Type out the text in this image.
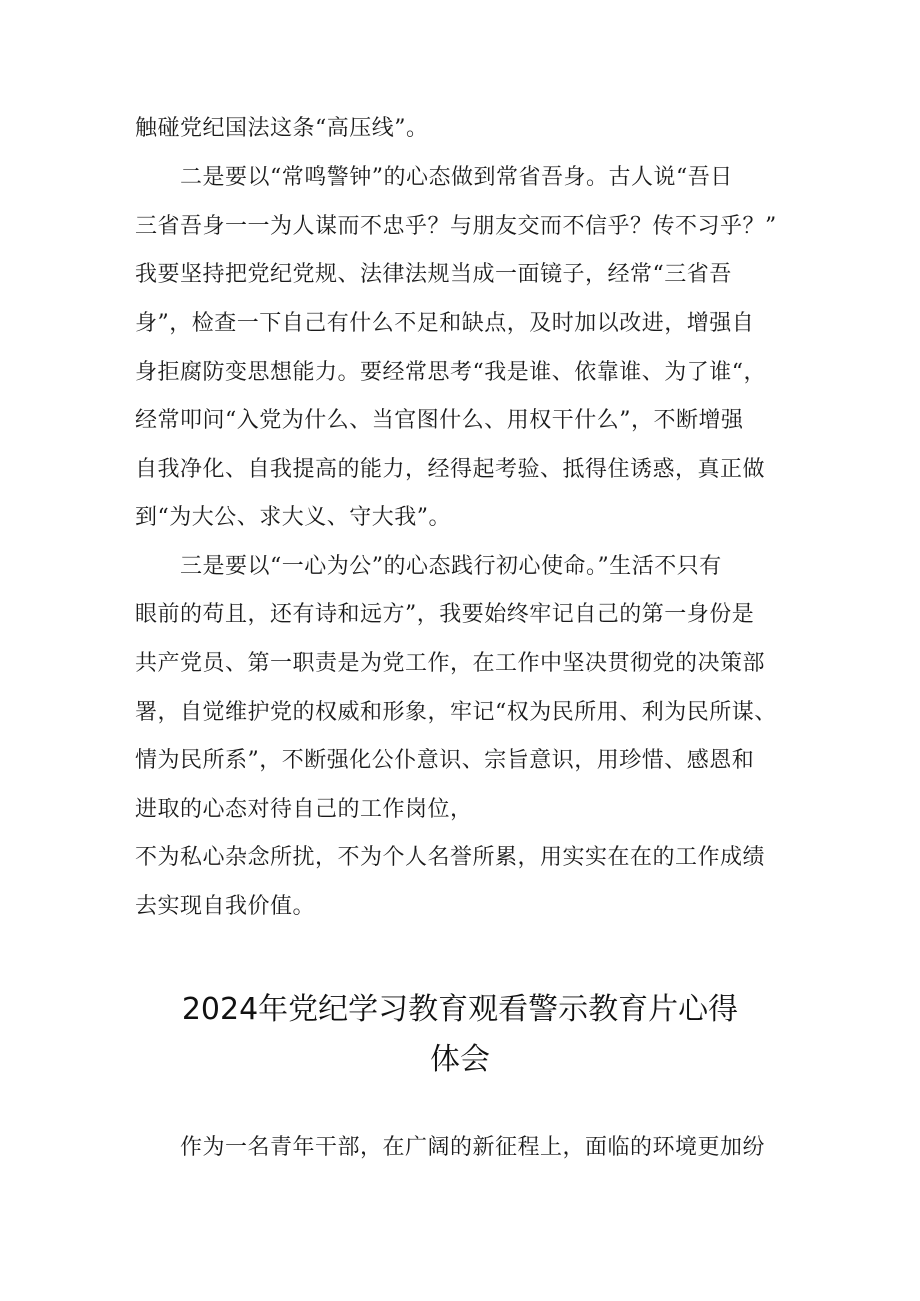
触碰党纪国法这条“高压线”。
　　二是要以“常鸣警钟”的心态做到常省吾身。古人说“吾日
三省吾身一一为人谋而不忠乎？与朋友交而不信乎？传不习乎？”
我要坚持把党纪党规、法律法规当成一面镜子，经常“三省吾
身”，检查一下自己有什么不足和缺点，及时加以改进，增强自
身拒腐防变思想能力。要经常思考“我是谁、依靠谁、为了谁“，
经常叩问“入党为什么、当官图什么、用权干什么”，不断增强
自我净化、自我提高的能力，经得起考验、抵得住诱惑，真正做
到“为大公、求大义、守大我”。
　　三是要以“一心为公”的心态践行初心使命。”生活不只有
眼前的苟且，还有诗和远方”，我要始终牢记自己的第一身份是
共产党员、第一职责是为党工作，在工作中坚决贯彻党的决策部
署，自觉维护党的权威和形象，牢记“权为民所用、利为民所谋、
情为民所系”，不断强化公仆意识、宗旨意识，用珍惜、感恩和
进取的心态对待自己的工作岗位，
不为私心杂念所扰，不为个人名誉所累，用实实在在的工作成绩
去实现自我价值。
2024年党纪学习教育观看警示教育片心得
体会
　　作为一名青年干部，在广阔的新征程上，面临的环境更加纷
